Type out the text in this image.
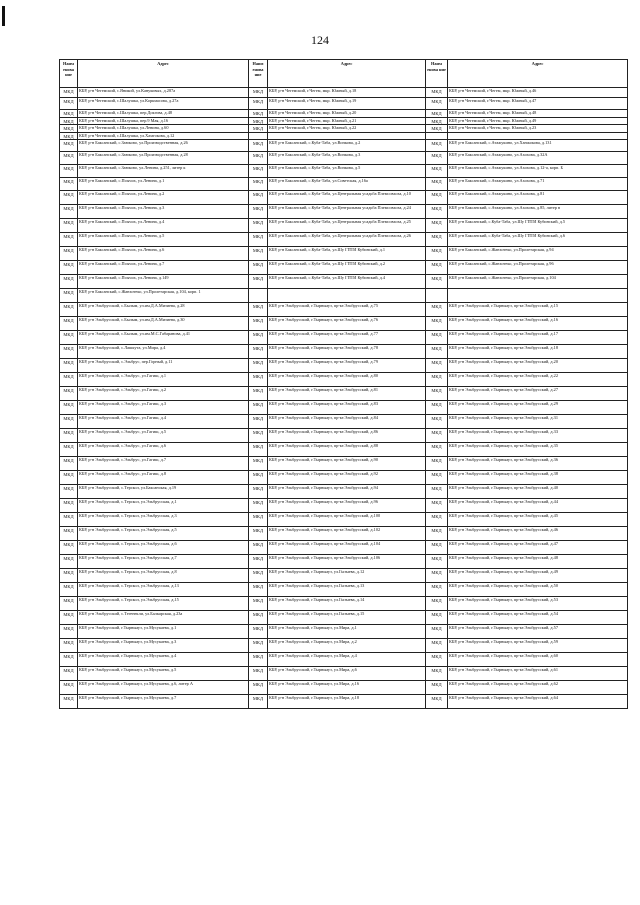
124
Наим енова ние	Адрес	Наим енова ние	Адрес	Наим енова ние	Адрес
МКД	КБР, р-н Чегемский, с.Яникой, ул.Кануковых, д.287а	МКД	КБР, р-н Чегемский, г.Чегем, мкр. Южный, д.18	МКД	КБР, р-н Чегемский, г.Чегем, мкр. Южный, д.46
МКД	КБР, р-н Чегемский, с.Шалушка, ул.Коркмасова, д.27а	МКД	КБР, р-н Чегемский, г.Чегем, мкр. Южный, д.19	МКД	КБР, р-н Чегемский, г.Чегем, мкр. Южный, д.47
МКД	КБР, р-н Чегемский, с.Шалушка, пер.Докгова, д.48	МКД	КБР, р-н Чегемский, г.Чегем, мкр. Южный, д.20	МКД	КБР, р-н Чегемский, г.Чегем, мкр. Южный, д.48
МКД	КБР, р-н Чегемский, с.Шалушка, пер.9 Мая, д.16	МКД	КБР, р-н Чегемский, г.Чегем, мкр. Южный, д.21	МКД	КБР, р-н Чегемский, г.Чегем, мкр. Южный, д.49
МКД	КБР, р-н Чегемский, с.Шалушка, ул.Ленина, д.60	МКД	КБР, р-н Чегемский, г.Чегем, мкр. Южный, д.22	МКД	КБР, р-н Чегемский, г.Чегем, мкр. Южный, д.23
МКД	КБР, р-н Чегемский, с.Шалушка, ул.Хамгокова, д.12				
МКД	КБР, р-н Баксанский, с.Заюково, ул.Производственная, д.26	МКД	КБР, р-н Баксанский, с.Куба-Таба, ул.Вичкова, д.2	МКД	КБР, р-н Баксанский, с.Атажукино, ул.Ханжокова, д.131
МКД	КБР, р-н Баксанский, с.Заюково, ул.Производственная, д.28	МКД	КБР, р-н Баксанский, с.Куба-Таба, ул.Вичкова, д.3	МКД	КБР, р-н Баксанский, с.Атажукино, ул.Ахохова, д.32А
МКД	КБР, р-н Баксанский, с.Заюково, ул.Ленина, д.251, литер к	МКД	КБР, р-н Баксанский, с.Куба-Таба, ул.Вичкова, д.5	МКД	КБР, р-н Баксанский, с.Атажукино, ул.Ахохова, д.12-а, корп. Б
МКД	КБР, р-н Баксанский, с.Псычох, ул.Ленина, д.1	МКД	КБР, р-н Баксанский, с.Куба-Таба, ул.Советская, д.16а	МКД	КБР, р-н Баксанский, с.Атажукино, ул.Ахохова, д.71
МКД	КБР, р-н Баксанский, с.Псычох, ул.Ленина, д.2	МКД	КБР, р-н Баксанский, с.Куба-Таба, ул.Центральная усадьба Племсовхоза, д.10	МКД	КБР, р-н Баксанский, с.Атажукино, ул.Ахохова, д.81
МКД	КБР, р-н Баксанский, с.Псычох, ул.Ленина, д.3	МКД	КБР, р-н Баксанский, с.Куба-Таба, ул.Центральная усадьба Племсовхоза, д.24	МКД	КБР, р-н Баксанский, с.Атажукино, ул.Ахохова, д.85, литер в
МКД	КБР, р-н Баксанский, с.Псычох, ул.Ленина, д.4	МКД	КБР, р-н Баксанский, с.Куба-Таба, ул.Центральная усадьба Племсовхоза, д.25	МКД	КБР, р-н Баксанский, с.Куба-Таба, ул.Шу ГПТИ Кубинский, д.5
МКД	КБР, р-н Баксанский, с.Псычох, ул.Ленина, д.5	МКД	КБР, р-н Баксанский, с.Куба-Таба, ул.Центральная усадьба Племсовхоза, д.26	МКД	КБР, р-н Баксанский, с.Куба-Таба, ул.Шу ГПТИ Кубинский, д.6
МКД	КБР, р-н Баксанский, с.Псычох, ул.Ленина, д.6	МКД	КБР, р-н Баксанский, с.Куба-Таба, ул.Шу ГПТИ Кубинский, д.1	МКД	КБР, р-н Баксанский, с.Жанхотеко, ул.Пролетарская, д.94
МКД	КБР, р-н Баксанский, с.Псычох, ул.Ленина, д.7	МКД	КБР, р-н Баксанский, с.Куба-Таба, ул.Шу ГПТИ Кубинский, д.2	МКД	КБР, р-н Баксанский, с.Жанхотеко, ул.Пролетарская, д.96
МКД	КБР, р-н Баксанский, с.Псычох, ул.Ленина, д.149	МКД	КБР, р-н Баксанский, с.Куба-Таба, ул.Шу ГПТИ Кубинский, д.4	МКД	КБР, р-н Баксанский, с.Жанхотеко, ул.Пролетарская, д.104
МКД	КБР, р-н Баксанский, с.Жанхотеко, ул.Пролетарская, д.104, корп. 1				
МКД	КБР, р-н Эльбрусский, с.Былым, ул.им.Д.А.Мизиева, д.28	МКД	КБР, р-н Эльбрусский, г.Тырныауз, пр-кт.Эльбрусский, д.75	МКД	КБР, р-н Эльбрусский, г.Тырныауз, пр-кт.Эльбрусский, д.15
МКД	КБР, р-н Эльбрусский, с.Былым, ул.им.Д.А.Мизиева, д.30	МКД	КБР, р-н Эльбрусский, г.Тырныауз, пр-кт.Эльбрусский, д.76	МКД	КБР, р-н Эльбрусский, г.Тырныауз, пр-кт.Эльбрусский, д.16
МКД	КБР, р-н Эльбрусский, с.Былым, ул.им.М.С.Габаранова, д.41	МКД	КБР, р-н Эльбрусский, г.Тырныауз, пр-кт.Эльбрусский, д.77	МКД	КБР, р-н Эльбрусский, г.Тырныауз, пр-кт.Эльбрусский, д.17
МКД	КБР, р-н Эльбрусский, с.Лашкута, ул.Мира, д.4	МКД	КБР, р-н Эльбрусский, г.Тырныауз, пр-кт.Эльбрусский, д.78	МКД	КБР, р-н Эльбрусский, г.Тырныауз, пр-кт.Эльбрусский, д.18
МКД	КБР, р-н Эльбрусский, с.Эльбрус, пер.Горный, д.11	МКД	КБР, р-н Эльбрусский, г.Тырныауз, пр-кт.Эльбрусский, д.79	МКД	КБР, р-н Эльбрусский, г.Тырныауз, пр-кт.Эльбрусский, д.20
МКД	КБР, р-н Эльбрусский, с.Эльбрус, ул.Гагиш, д.1	МКД	КБР, р-н Эльбрусский, г.Тырныауз, пр-кт.Эльбрусский, д.80	МКД	КБР, р-н Эльбрусский, г.Тырныауз, пр-кт.Эльбрусский, д.22
МКД	КБР, р-н Эльбрусский, с.Эльбрус, ул.Гагиш, д.2	МКД	КБР, р-н Эльбрусский, г.Тырныауз, пр-кт.Эльбрусский, д.81	МКД	КБР, р-н Эльбрусский, г.Тырныауз, пр-кт.Эльбрусский, д.27
МКД	КБР, р-н Эльбрусский, с.Эльбрус, ул.Гагиш, д.3	МКД	КБР, р-н Эльбрусский, г.Тырныауз, пр-кт.Эльбрусский, д.83	МКД	КБР, р-н Эльбрусский, г.Тырныауз, пр-кт.Эльбрусский, д.29
МКД	КБР, р-н Эльбрусский, с.Эльбрус, ул.Гагиш, д.4	МКД	КБР, р-н Эльбрусский, г.Тырныауз, пр-кт.Эльбрусский, д.84	МКД	КБР, р-н Эльбрусский, г.Тырныауз, пр-кт.Эльбрусский, д.31
МКД	КБР, р-н Эльбрусский, с.Эльбрус, ул.Гагиш, д.5	МКД	КБР, р-н Эльбрусский, г.Тырныауз, пр-кт.Эльбрусский, д.86	МКД	КБР, р-н Эльбрусский, г.Тырныауз, пр-кт.Эльбрусский, д.33
МКД	КБР, р-н Эльбрусский, с.Эльбрус, ул.Гагиш, д.6	МКД	КБР, р-н Эльбрусский, г.Тырныауз, пр-кт.Эльбрусский, д.88	МКД	КБР, р-н Эльбрусский, г.Тырныауз, пр-кт.Эльбрусский, д.35
МКД	КБР, р-н Эльбрусский, с.Эльбрус, ул.Гагиш, д.7	МКД	КБР, р-н Эльбрусский, г.Тырныауз, пр-кт.Эльбрусский, д.90	МКД	КБР, р-н Эльбрусский, г.Тырныауз, пр-кт.Эльбрусский, д.36
МКД	КБР, р-н Эльбрусский, с.Эльбрус, ул.Гагиш, д.8	МКД	КБР, р-н Эльбрусский, г.Тырныауз, пр-кт.Эльбрусский, д.92	МКД	КБР, р-н Эльбрусский, г.Тырныауз, пр-кт.Эльбрусский, д.38
МКД	КБР, р-н Эльбрусский, с.Терскол, ул.Баксанская, д.19	МКД	КБР, р-н Эльбрусский, г.Тырныауз, пр-кт.Эльбрусский, д.94	МКД	КБР, р-н Эльбрусский, г.Тырныауз, пр-кт.Эльбрусский, д.40
МКД	КБР, р-н Эльбрусский, с.Терскол, ул.Эльбрусская, д.1	МКД	КБР, р-н Эльбрусский, г.Тырныауз, пр-кт.Эльбрусский, д.96	МКД	КБР, р-н Эльбрусский, г.Тырныауз, пр-кт.Эльбрусский, д.44
МКД	КБР, р-н Эльбрусский, с.Терскол, ул.Эльбрусская, д.3	МКД	КБР, р-н Эльбрусский, г.Тырныауз, пр-кт.Эльбрусский, д.100	МКД	КБР, р-н Эльбрусский, г.Тырныауз, пр-кт.Эльбрусский, д.45
МКД	КБР, р-н Эльбрусский, с.Терскол, ул.Эльбрусская, д.5	МКД	КБР, р-н Эльбрусский, г.Тырныауз, пр-кт.Эльбрусский, д.102	МКД	КБР, р-н Эльбрусский, г.Тырныауз, пр-кт.Эльбрусский, д.46
МКД	КБР, р-н Эльбрусский, с.Терскол, ул.Эльбрусская, д.6	МКД	КБР, р-н Эльбрусский, г.Тырныауз, пр-кт.Эльбрусский, д.104	МКД	КБР, р-н Эльбрусский, г.Тырныауз, пр-кт.Эльбрусский, д.47
МКД	КБР, р-н Эльбрусский, с.Терскол, ул.Эльбрусская, д.7	МКД	КБР, р-н Эльбрусский, г.Тырныауз, пр-кт.Эльбрусский, д.106	МКД	КБР, р-н Эльбрусский, г.Тырныауз, пр-кт.Эльбрусский, д.48
МКД	КБР, р-н Эльбрусский, с.Терскол, ул.Эльбрусская, д.8	МКД	КБР, р-н Эльбрусский, г.Тырныауз, ул.Гызыева, д.12	МКД	КБР, р-н Эльбрусский, г.Тырныауз, пр-кт.Эльбрусский, д.49
МКД	КБР, р-н Эльбрусский, с.Терскол, ул.Эльбрусская, д.13	МКД	КБР, р-н Эльбрусский, г.Тырныауз, ул.Гызыева, д.13	МКД	КБР, р-н Эльбрусский, г.Тырныауз, пр-кт.Эльбрусский, д.50
МКД	КБР, р-н Эльбрусский, с.Терскол, ул.Эльбрусская, д.15	МКД	КБР, р-н Эльбрусский, г.Тырныауз, ул.Гызыева, д.14	МКД	КБР, р-н Эльбрусский, г.Тырныауз, пр-кт.Эльбрусский, д.53
МКД	КБР, р-н Эльбрусский, с.Тегенекли, ул.Балкарская, д.23а	МКД	КБР, р-н Эльбрусский, г.Тырныауз, ул.Гызыева, д.15	МКД	КБР, р-н Эльбрусский, г.Тырныауз, пр-кт.Эльбрусский, д.54
МКД	КБР, р-н Эльбрусский, г.Тырныауз, ул.Мусукаева, д.1	МКД	КБР, р-н Эльбрусский, г.Тырныауз, ул.Мира, д.1	МКД	КБР, р-н Эльбрусский, г.Тырныауз, пр-кт.Эльбрусский, д.57
МКД	КБР, р-н Эльбрусский, г.Тырныауз, ул.Мусукаева, д.3	МКД	КБР, р-н Эльбрусский, г.Тырныауз, ул.Мира, д.2	МКД	КБР, р-н Эльбрусский, г.Тырныауз, пр-кт.Эльбрусский, д.59
МКД	КБР, р-н Эльбрусский, г.Тырныауз, ул.Мусукаева, д.4	МКД	КБР, р-н Эльбрусский, г.Тырныауз, ул.Мира, д.4	МКД	КБР, р-н Эльбрусский, г.Тырныауз, пр-кт.Эльбрусский, д.60
МКД	КБР, р-н Эльбрусский, г.Тырныауз, ул.Мусукаева, д.5	МКД	КБР, р-н Эльбрусский, г.Тырныауз, ул.Мира, д.6	МКД	КБР, р-н Эльбрусский, г.Тырныауз, пр-кт.Эльбрусский, д.61
МКД	КБР, р-н Эльбрусский, г.Тырныауз, ул.Мусукаева, д.6, литер А	МКД	КБР, р-н Эльбрусский, г.Тырныауз, ул.Мира, д.16	МКД	КБР, р-н Эльбрусский, г.Тырныауз, пр-кт.Эльбрусский, д.62
МКД	КБР, р-н Эльбрусский, г.Тырныауз, ул.Мусукаева, д.7	МКД	КБР, р-н Эльбрусский, г.Тырныауз, ул.Мира, д.18	МКД	КБР, р-н Эльбрусский, г.Тырныауз, пр-кт.Эльбрусский, д.64
